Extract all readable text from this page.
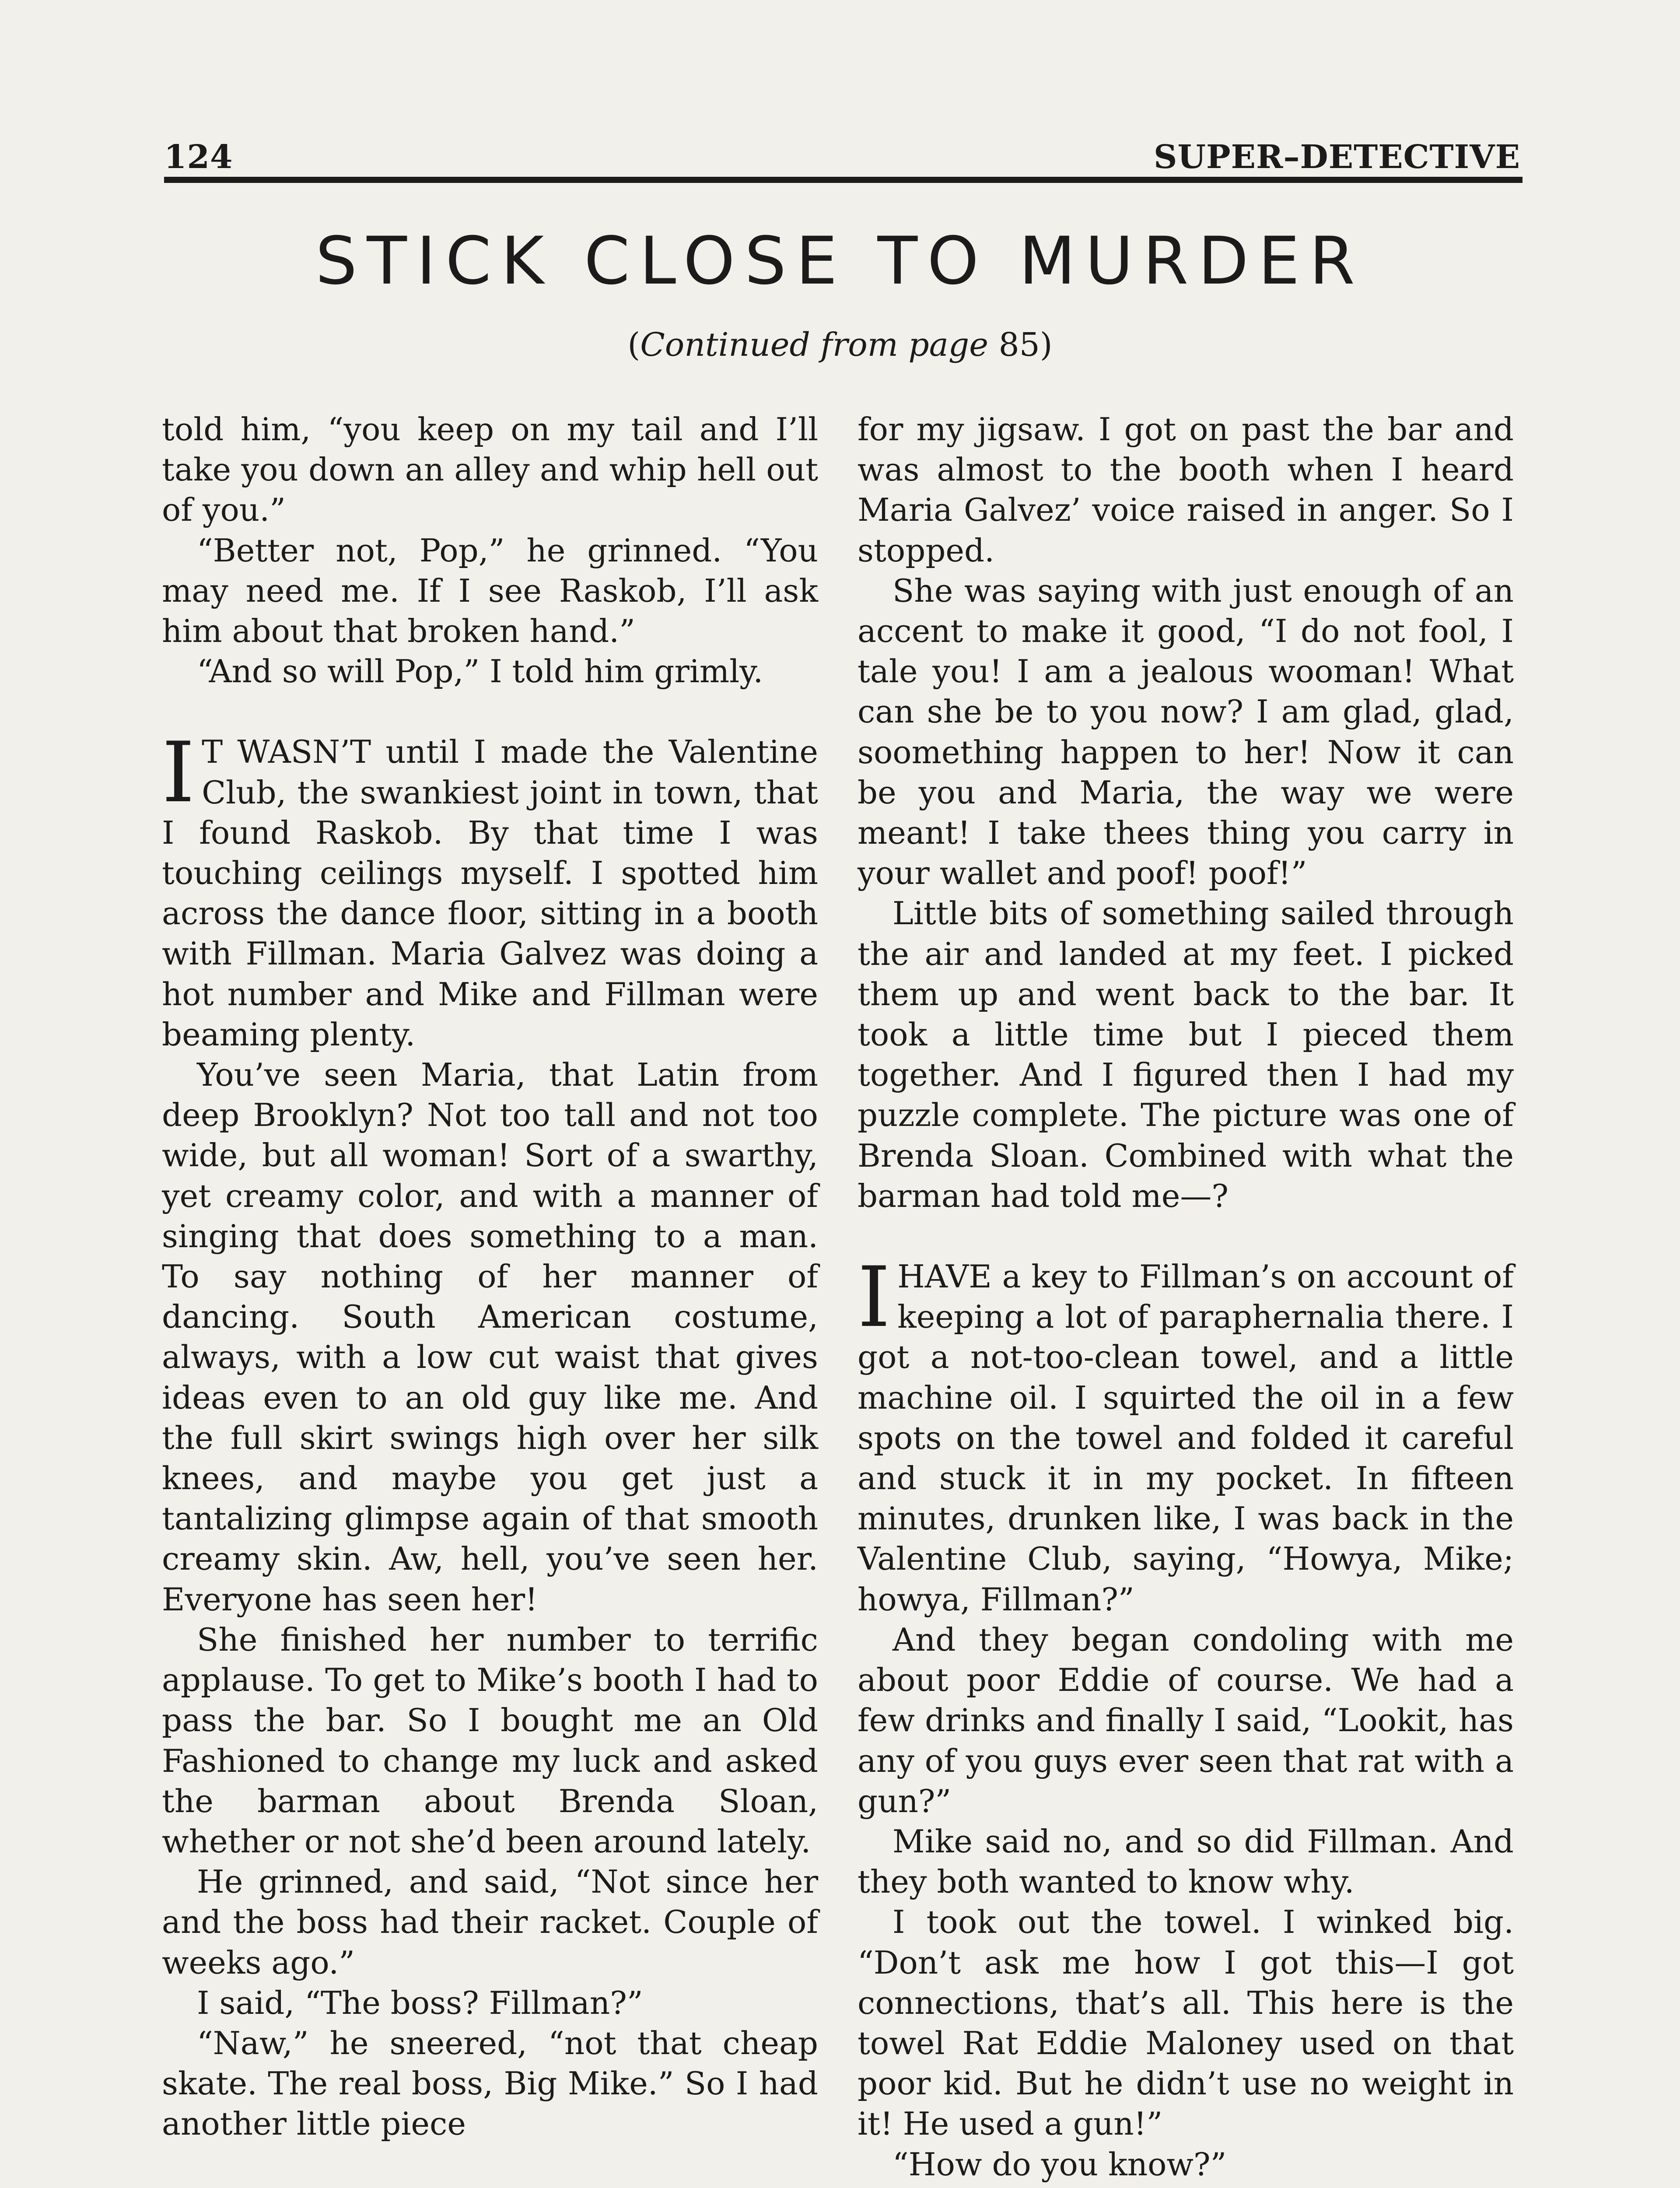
124	SUPER–DETECTIVE
STICK CLOSE TO MURDER
(Continued from page 85)

told him, “you keep on my tail and I’ll take you down an alley and whip hell out of you.”

“Better not, Pop,” he grinned. “You may need me. If I see Raskob, I’ll ask him about that broken hand.”

“And so will Pop,” I told him grimly.

I T WASN’T until I made the Valentine Club, the swankiest joint in town, that I found Raskob. By that time I was touching ceilings myself. I spotted him across the dance floor, sitting in a booth with Fillman. Maria Galvez was doing a hot number and Mike and Fillman were beaming plenty.

You’ve seen Maria, that Latin from deep Brooklyn? Not too tall and not too wide, but all woman! Sort of a swarthy, yet creamy color, and with a manner of singing that does something to a man. To say nothing of her manner of dancing. South American costume, always, with a low cut waist that gives ideas even to an old guy like me. And the full skirt swings high over her silk knees, and maybe you get just a tantalizing glimpse again of that smooth creamy skin. Aw, hell, you’ve seen her. Everyone has seen her!

She finished her number to terrific applause. To get to Mike’s booth I had to pass the bar. So I bought me an Old Fashioned to change my luck and asked the barman about Brenda Sloan, whether or not she’d been around lately.

He grinned, and said, “Not since her and the boss had their racket. Couple of weeks ago.”

I said, “The boss? Fillman?”

“Naw,” he sneered, “not that cheap skate. The real boss, Big Mike.” So I had another little piece

for my jigsaw. I got on past the bar and was almost to the booth when I heard Maria Galvez’ voice raised in anger. So I stopped.

She was saying with just enough of an accent to make it good, “I do not fool, I tale you! I am a jealous wooman! What can she be to you now? I am glad, glad, soomething happen to her! Now it can be you and Maria, the way we were meant! I take thees thing you carry in your wallet and poof! poof!”

Little bits of something sailed through the air and landed at my feet. I picked them up and went back to the bar. It took a little time but I pieced them together. And I figured then I had my puzzle complete. The picture was one of Brenda Sloan. Combined with what the barman had told me—?

I HAVE a key to Fillman’s on account of keeping a lot of paraphernalia there. I got a not-too-clean towel, and a little machine oil. I squirted the oil in a few spots on the towel and folded it careful and stuck it in my pocket. In fifteen minutes, drunken like, I was back in the Valentine Club, saying, “Howya, Mike; howya, Fillman?”

And they began condoling with me about poor Eddie of course. We had a few drinks and finally I said, “Lookit, has any of you guys ever seen that rat with a gun?”

Mike said no, and so did Fillman. And they both wanted to know why.

I took out the towel. I winked big. “Don’t ask me how I got this—I got connections, that’s all. This here is the towel Rat Eddie Maloney used on that poor kid. But he didn’t use no weight in it! He used a gun!”

“How do you know?”
